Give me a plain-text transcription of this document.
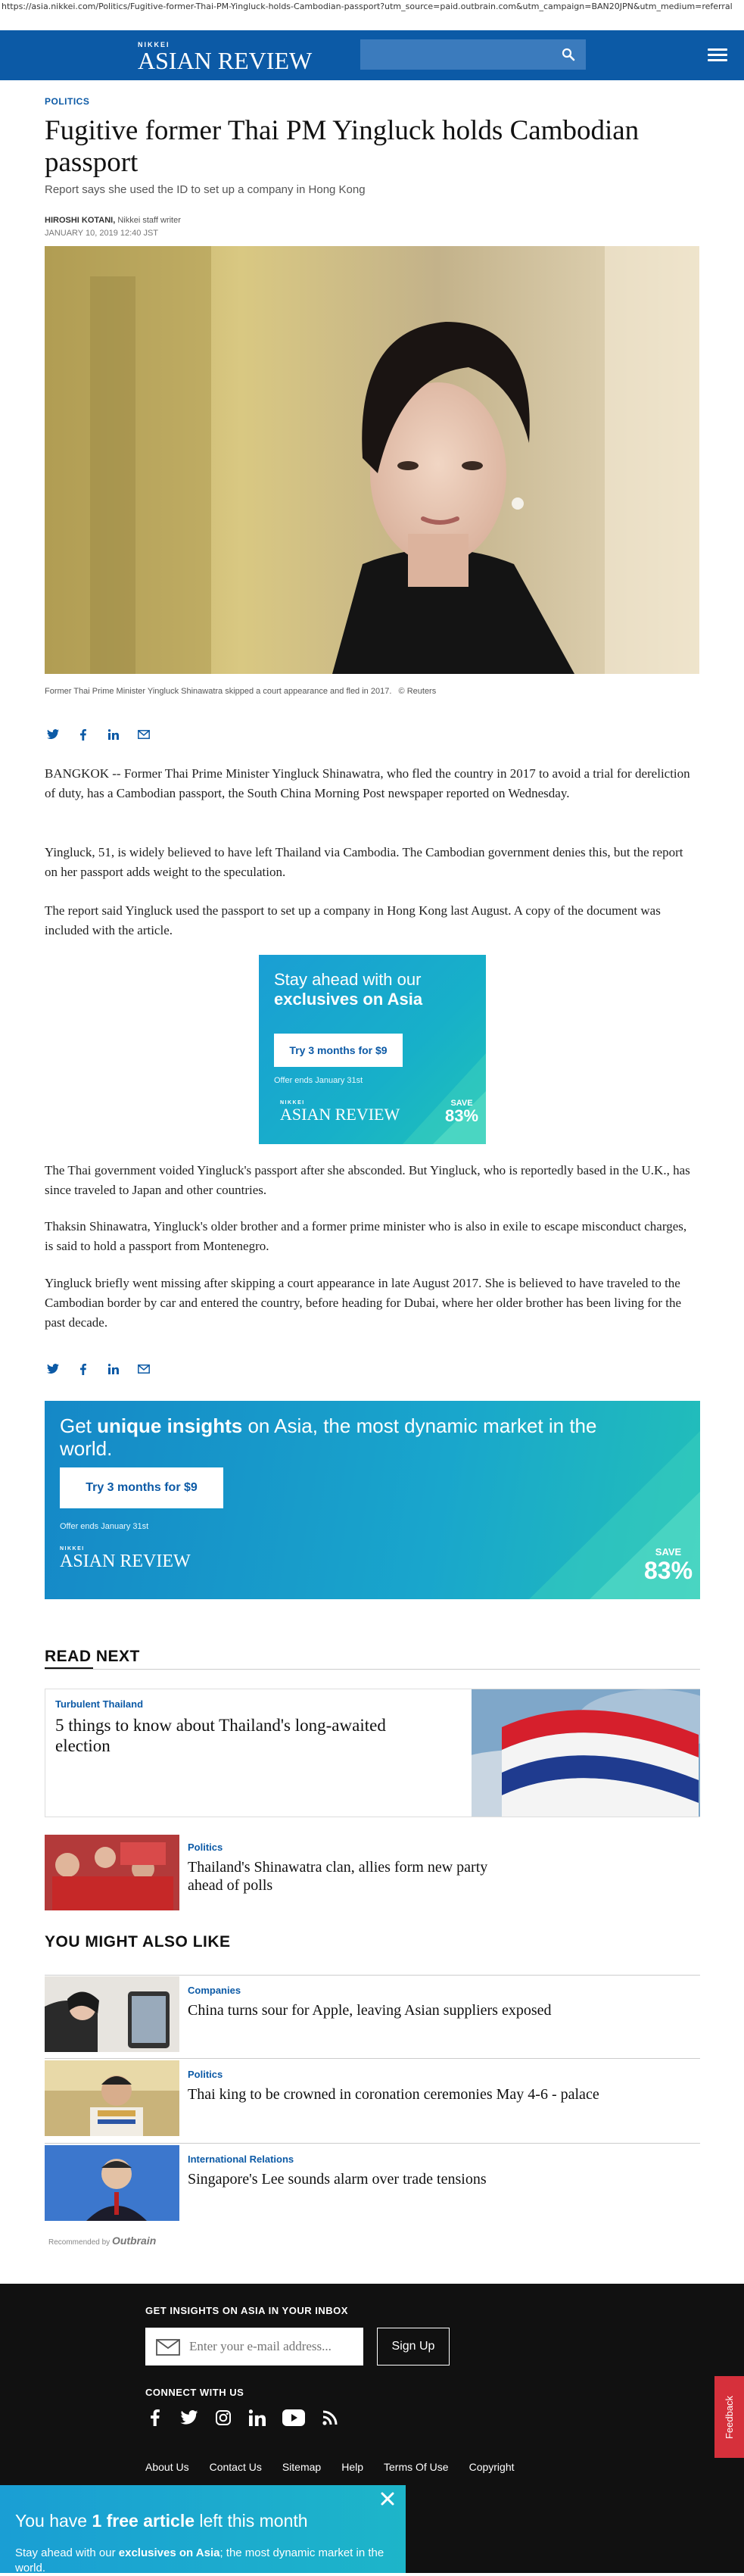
https://asia.nikkei.com/Politics/Fugitive-former-Thai-PM-Yingluck-holds-Cambodian-passport?utm_source=paid.outbrain.com&utm_campaign=BAN20JPN&utm_medium=referral
NIKKEI
ASIAN REVIEW
POLITICS
Fugitive former Thai PM Yingluck holds Cambodian passport
Report says she used the ID to set up a company in Hong Kong
HIROSHI KOTANI, Nikkei staff writer
JANUARY 10, 2019 12:40 JST
Former Thai Prime Minister Yingluck Shinawatra skipped a court appearance and fled in 2017. © Reuters

BANGKOK -- Former Thai Prime Minister Yingluck Shinawatra, who fled the country in 2017 to avoid a trial for dereliction of duty, has a Cambodian passport, the South China Morning Post newspaper reported on Wednesday.

Yingluck, 51, is widely believed to have left Thailand via Cambodia. The Cambodian government denies this, but the report on her passport adds weight to the speculation.

The report said Yingluck used the passport to set up a company in Hong Kong last August. A copy of the document was included with the article.

The Thai government voided Yingluck's passport after she absconded. But Yingluck, who is reportedly based in the U.K., has since traveled to Japan and other countries.

Thaksin Shinawatra, Yingluck's older brother and a former prime minister who is also in exile to escape misconduct charges, is said to hold a passport from Montenegro.

Yingluck briefly went missing after skipping a court appearance in late August 2017. She is believed to have traveled to the Cambodian border by car and entered the country, before heading for Dubai, where her older brother has been living for the past decade.

Stay ahead with our
exclusives on Asia
Try 3 months for $9
Offer ends January 31st
NIKKEI
ASIAN REVIEW
SAVE
83%
Get unique insights on Asia, the most dynamic market in the world.
Try 3 months for $9
Offer ends January 31st
NIKKEI
ASIAN REVIEW	SAVE
83%
READ NEXT
Turbulent Thailand
5 things to know about Thailand's long-awaited election
Politics
Thailand's Shinawatra clan, allies form new party ahead of polls
YOU MIGHT ALSO LIKE
Companies
China turns sour for Apple, leaving Asian suppliers exposed
Politics
Thai king to be crowned in coronation ceremonies May 4-6 - palace
International Relations
Singapore's Lee sounds alarm over trade tensions
Recommended by Outbrain
GET INSIGHTS ON ASIA IN YOUR INBOX
Enter your e-mail address...
Sign Up
CONNECT WITH US
About Us Contact Us Sitemap Help Terms Of Use Copyright
Feedback
You have 1 free article left this month
Stay ahead with our exclusives on Asia; the most dynamic market in the world.
